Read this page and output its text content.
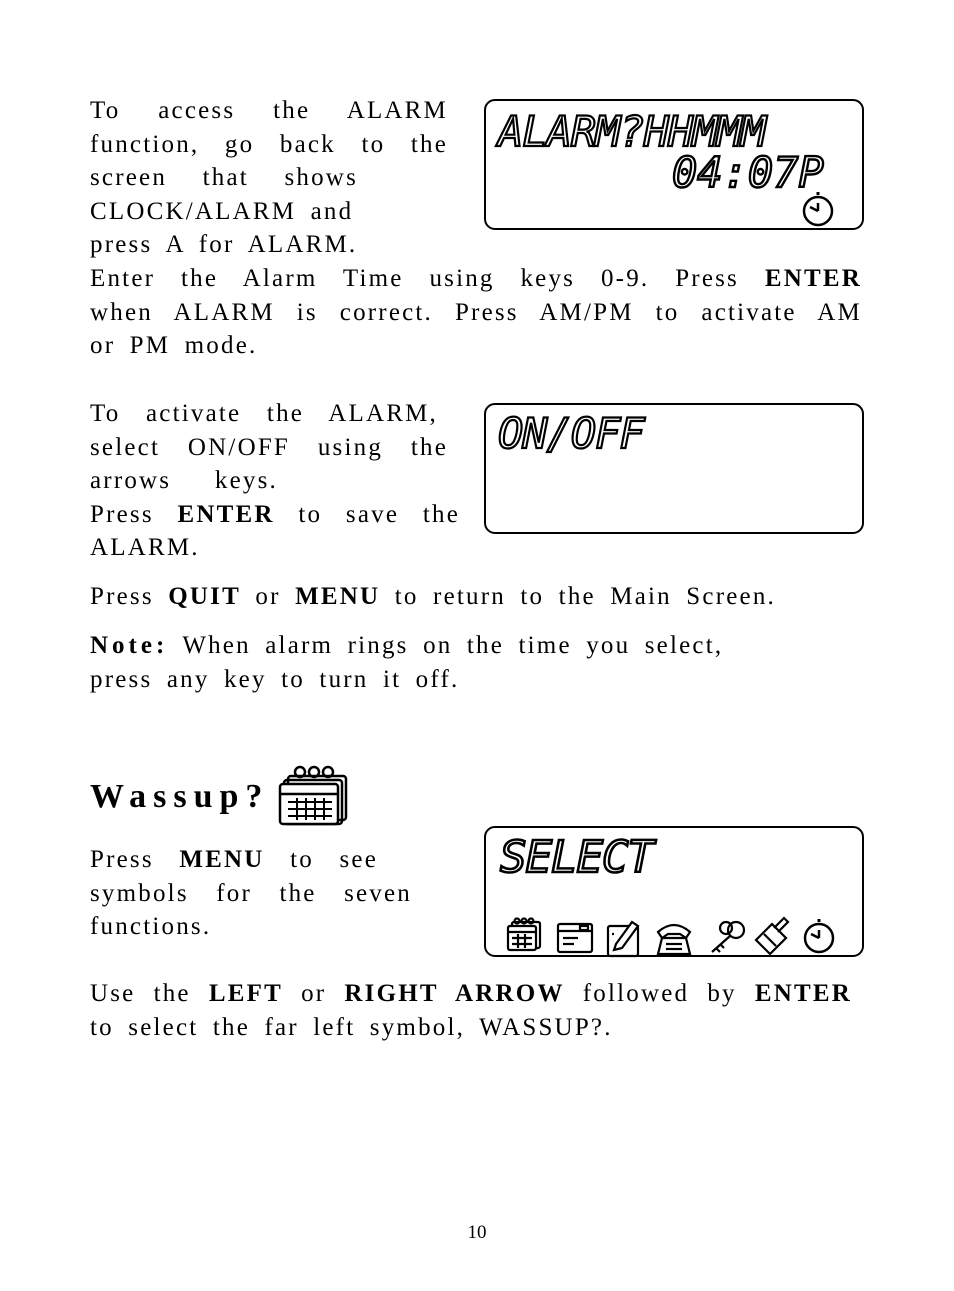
To access the ALARM

function, go back to the

screen that shows

CLOCK/ALARM and

press A for ALARM.

ALARM?HHMMM
04:07P

Enter the Alarm Time using keys 0-9. Press ENTER

when ALARM is correct. Press AM/PM to activate AM

or PM mode.

To activate the ALARM,

select ON/OFF using the

arrows keys.

Press ENTER to save the

ALARM.

ON/OFF

Press QUIT or MENU to return to the Main Screen.

Note: When alarm rings on the time you select,

press any key to turn it off.

Wassup?

Press MENU to see

symbols for the seven

functions.

SELECT

Use the LEFT or RIGHT ARROW followed by ENTER

to select the far left symbol, WASSUP?.

10
